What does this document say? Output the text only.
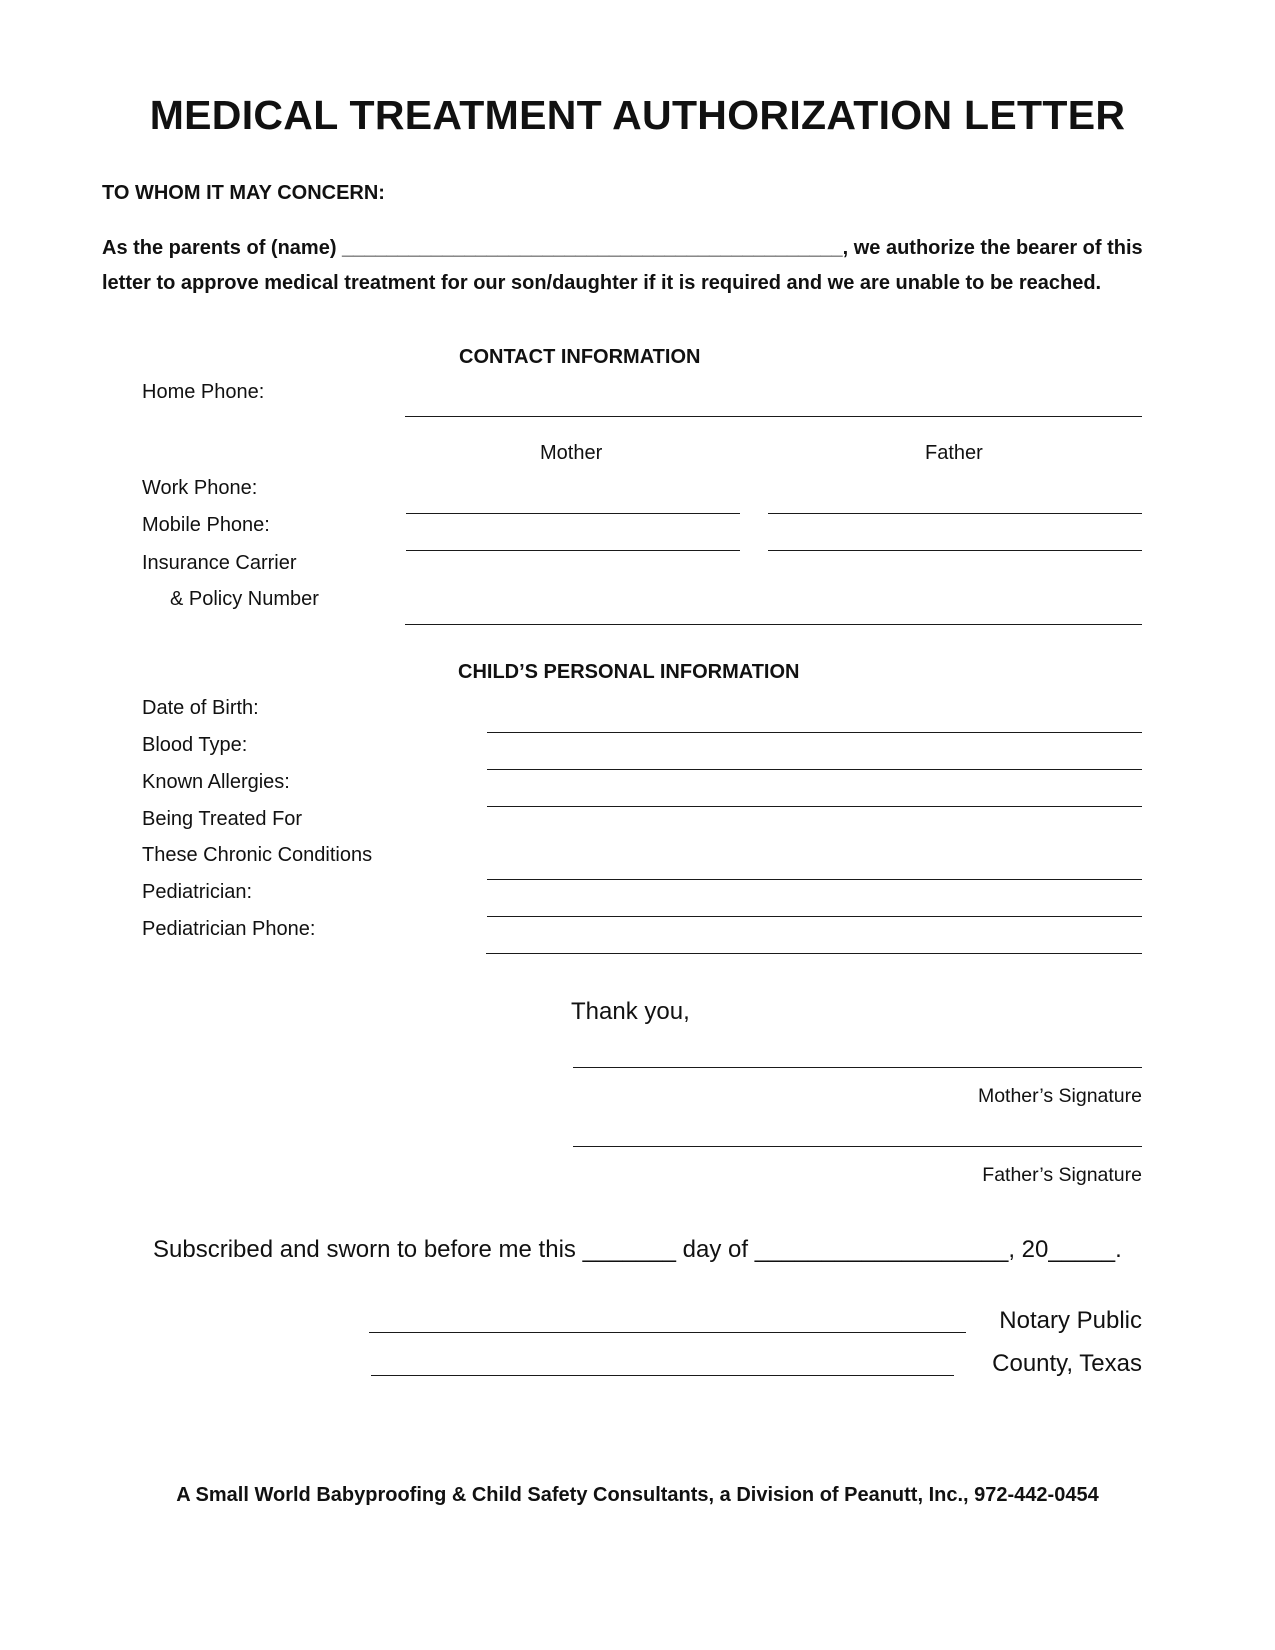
MEDICAL TREATMENT AUTHORIZATION LETTER
TO WHOM IT MAY CONCERN:
As the parents of (name) _____________________________________________, we authorize the bearer of this
letter to approve medical treatment for our son/daughter if it is required and we are unable to be reached.
CONTACT INFORMATION
Home Phone:
Mother	Father
Work Phone:
Mobile Phone:
Insurance Carrier
& Policy Number
CHILD’S PERSONAL INFORMATION
Date of Birth:
Blood Type:
Known Allergies:
Being Treated For
These Chronic Conditions
Pediatrician:
Pediatrician Phone:
Thank you,
Mother’s Signature
Father’s Signature
Subscribed and sworn to before me this _______ day of ___________________, 20_____.
Notary Public
County, Texas
A Small World Babyproofing & Child Safety Consultants, a Division of Peanutt, Inc., 972-442-0454
